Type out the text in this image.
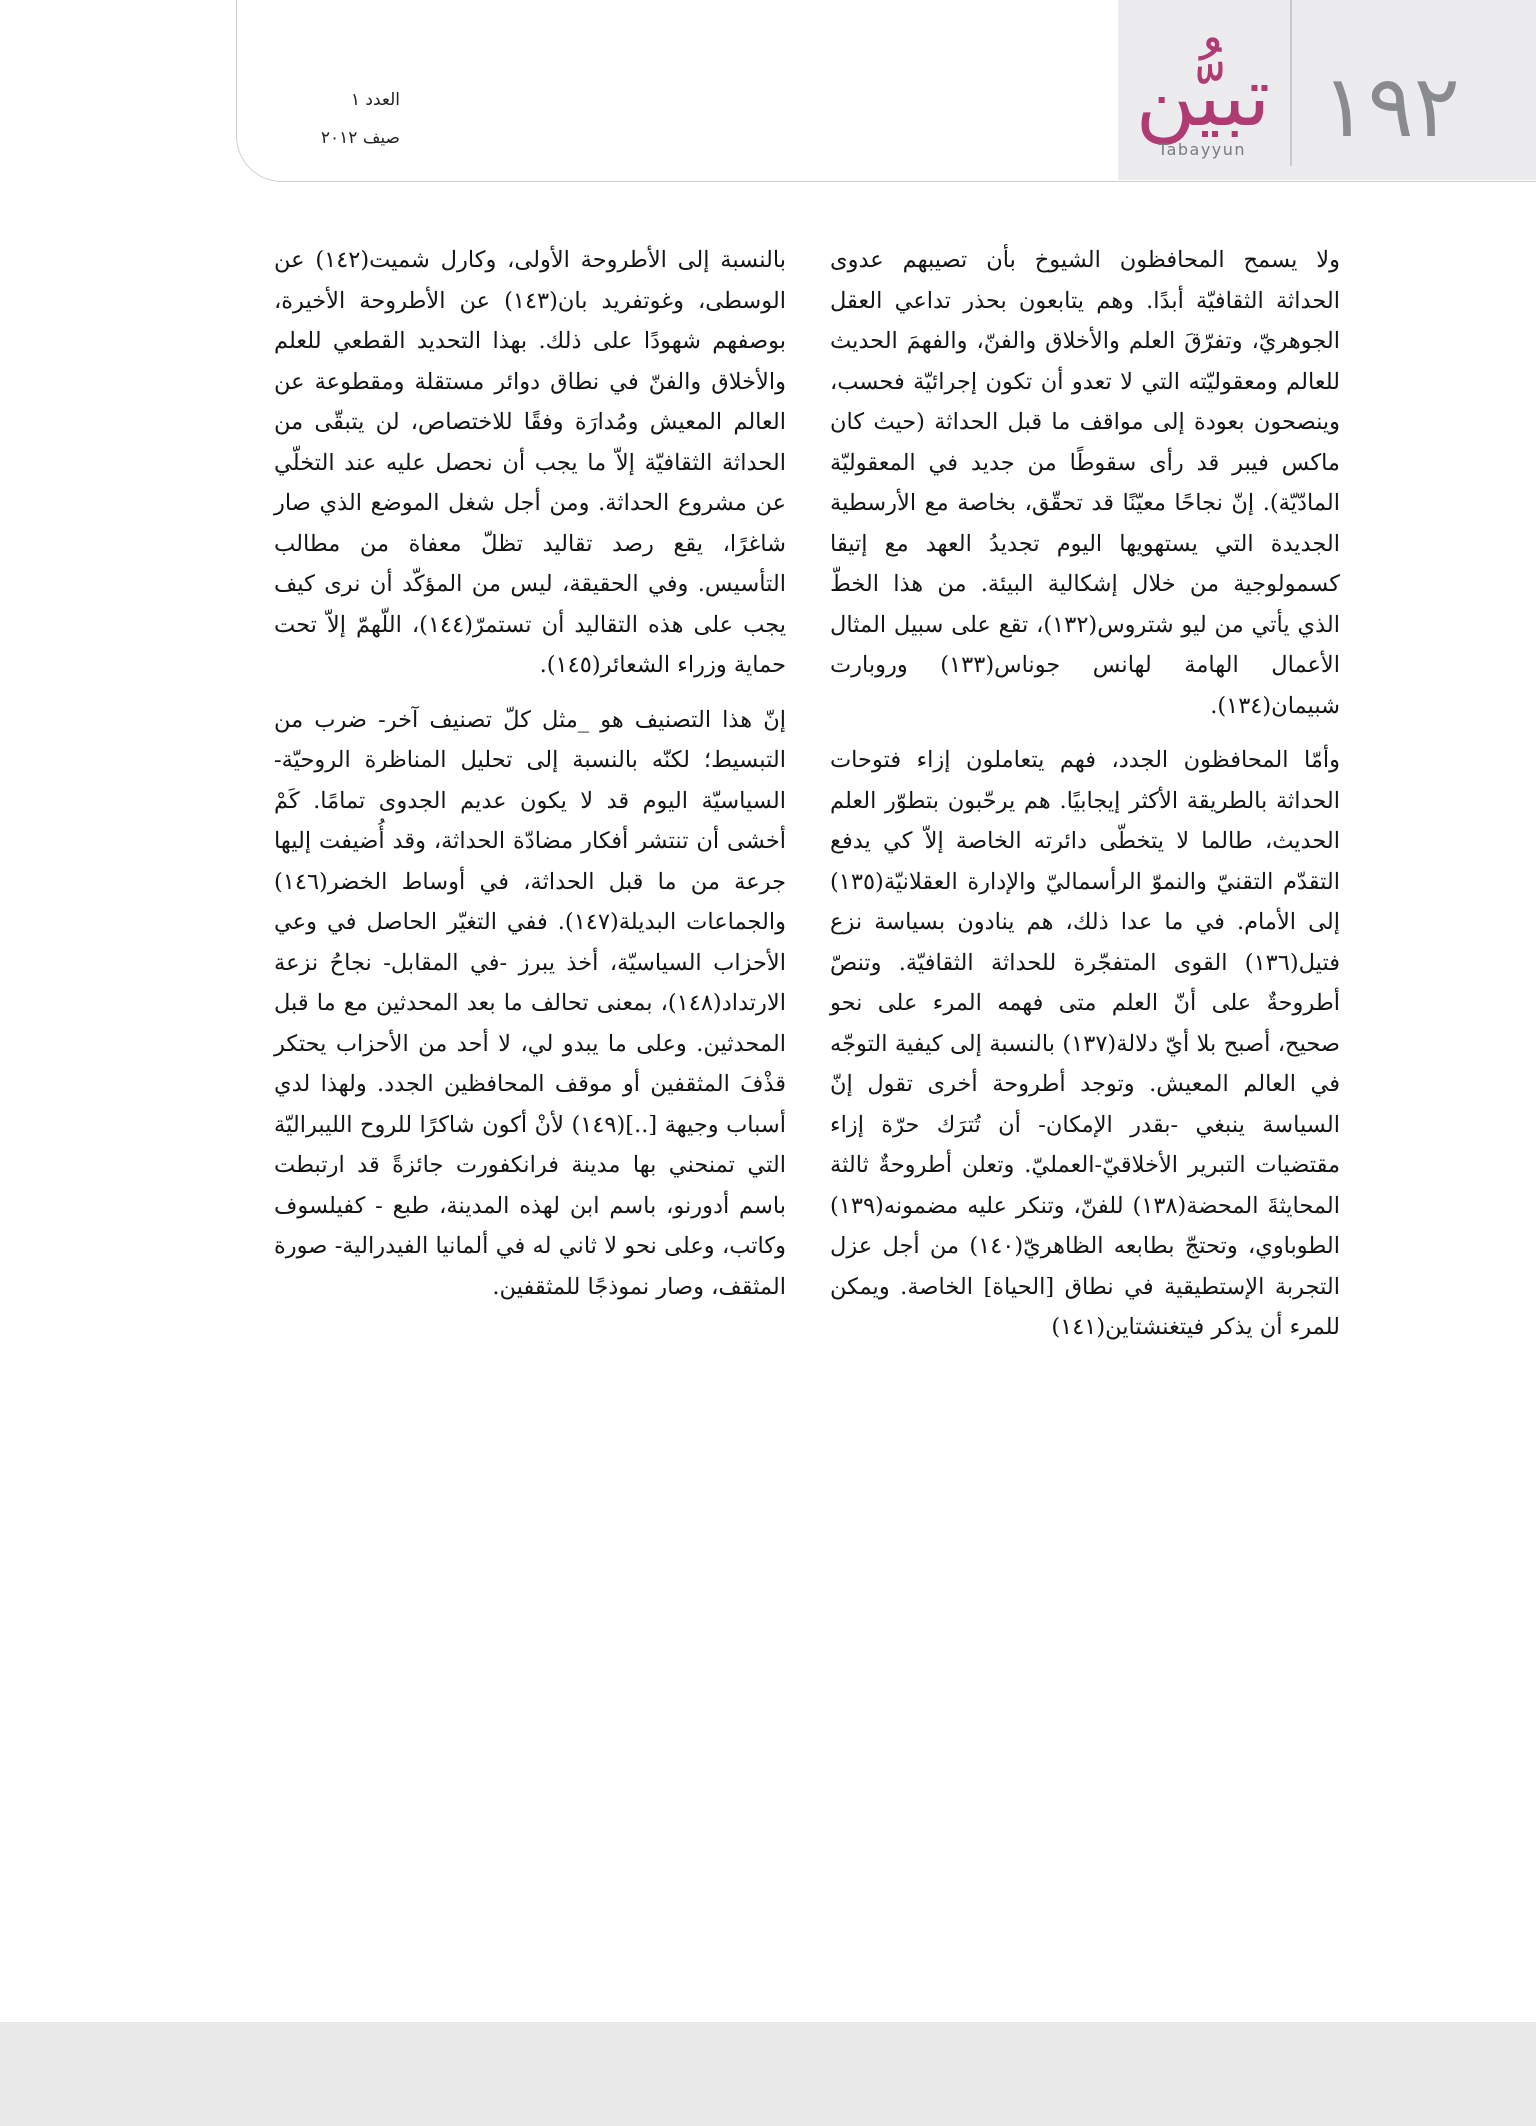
١٩٢
تبيُّن
Tabayyun
العدد ١
صيف ٢٠١٢

ولا يسمح المحافظون الشيوخ بأن تصيبهم عدوى الحداثة الثقافيّة أبدًا. وهم يتابعون بحذر تداعي العقل الجوهريّ، وتفرّقَ العلم والأخلاق والفنّ، والفهمَ الحديث للعالم ومعقوليّته التي لا تعدو أن تكون إجرائيّة فحسب، وينصحون بعودة إلى مواقف ما قبل الحداثة (حيث كان ماكس فيبر قد رأى سقوطًا من جديد في المعقوليّة المادّيّة). إنّ نجاحًا معيّنًا قد تحقّق، بخاصة مع الأرسطية الجديدة التي يستهويها اليوم تجديدُ العهد مع إتيقا كسمولوجية من خلال إشكالية البيئة. من هذا الخطّ الذي يأتي من ليو شتروس(١٣٢)، تقع على سبيل المثال الأعمال الهامة لهانس جوناس(١٣٣) وروبارت شبيمان(١٣٤).

وأمّا المحافظون الجدد، فهم يتعاملون إزاء فتوحات الحداثة بالطريقة الأكثر إيجابيًا. هم يرحّبون بتطوّر العلم الحديث، طالما لا يتخطّى دائرته الخاصة إلاّ كي يدفع التقدّم التقنيّ والنموّ الرأسماليّ والإدارة العقلانيّة(١٣٥) إلى الأمام. في ما عدا ذلك، هم ينادون بسياسة نزع فتيل(١٣٦) القوى المتفجّرة للحداثة الثقافيّة. وتنصّ أطروحةٌ على أنّ العلم متى فهمه المرء على نحو صحيح، أصبح بلا أيّ دلالة(١٣٧) بالنسبة إلى كيفية التوجّه في العالم المعيش. وتوجد أطروحة أخرى تقول إنّ السياسة ينبغي -بقدر الإمكان- أن تُترَك حرّة إزاء مقتضيات التبرير الأخلاقيّ-العمليّ. وتعلن أطروحةٌ ثالثة المحايثةَ المحضة(١٣٨) للفنّ، وتنكر عليه مضمونه(١٣٩) الطوباوي، وتحتجّ بطابعه الظاهريّ(١٤٠) من أجل عزل التجربة الإستطيقية في نطاق [الحياة] الخاصة. ويمكن للمرء أن يذكر فيتغنشتاين(١٤١)

بالنسبة إلى الأطروحة الأولى، وكارل شميت(١٤٢) عن الوسطى، وغوتفريد بان(١٤٣) عن الأطروحة الأخيرة، بوصفهم شهودًا على ذلك. بهذا التحديد القطعي للعلم والأخلاق والفنّ في نطاق دوائر مستقلة ومقطوعة عن العالم المعيش ومُدارَة وفقًا للاختصاص، لن يتبقّى من الحداثة الثقافيّة إلاّ ما يجب أن نحصل عليه عند التخلّي عن مشروع الحداثة. ومن أجل شغل الموضع الذي صار شاغرًا، يقع رصد تقاليد تظلّ معفاة من مطالب التأسيس. وفي الحقيقة، ليس من المؤكّد أن نرى كيف يجب على هذه التقاليد أن تستمرّ(١٤٤)، اللّهمّ إلاّ تحت حماية وزراء الشعائر(١٤٥).

إنّ هذا التصنيف هو _مثل كلّ تصنيف آخر- ضرب من التبسيط؛ لكنّه بالنسبة إلى تحليل المناظرة الروحيّة-السياسيّة اليوم قد لا يكون عديم الجدوى تمامًا. كَمْ أخشى أن تنتشر أفكار مضادّة الحداثة، وقد أُضيفت إليها جرعة من ما قبل الحداثة، في أوساط الخضر(١٤٦) والجماعات البديلة(١٤٧). ففي التغيّر الحاصل في وعي الأحزاب السياسيّة، أخذ يبرز -في المقابل- نجاحُ نزعة الارتداد(١٤٨)، بمعنى تحالف ما بعد المحدثين مع ما قبل المحدثين. وعلى ما يبدو لي، لا أحد من الأحزاب يحتكر قذْفَ المثقفين أو موقف المحافظين الجدد. ولهذا لدي أسباب وجيهة [..](١٤٩) لأنْ أكون شاكرًا للروح الليبراليّة التي تمنحني بها مدينة فرانكفورت جائزةً قد ارتبطت باسم أدورنو، باسم ابن لهذه المدينة، طبع - كفيلسوف وكاتب، وعلى نحو لا ثاني له في ألمانيا الفيدرالية- صورة المثقف، وصار نموذجًا للمثقفين.
